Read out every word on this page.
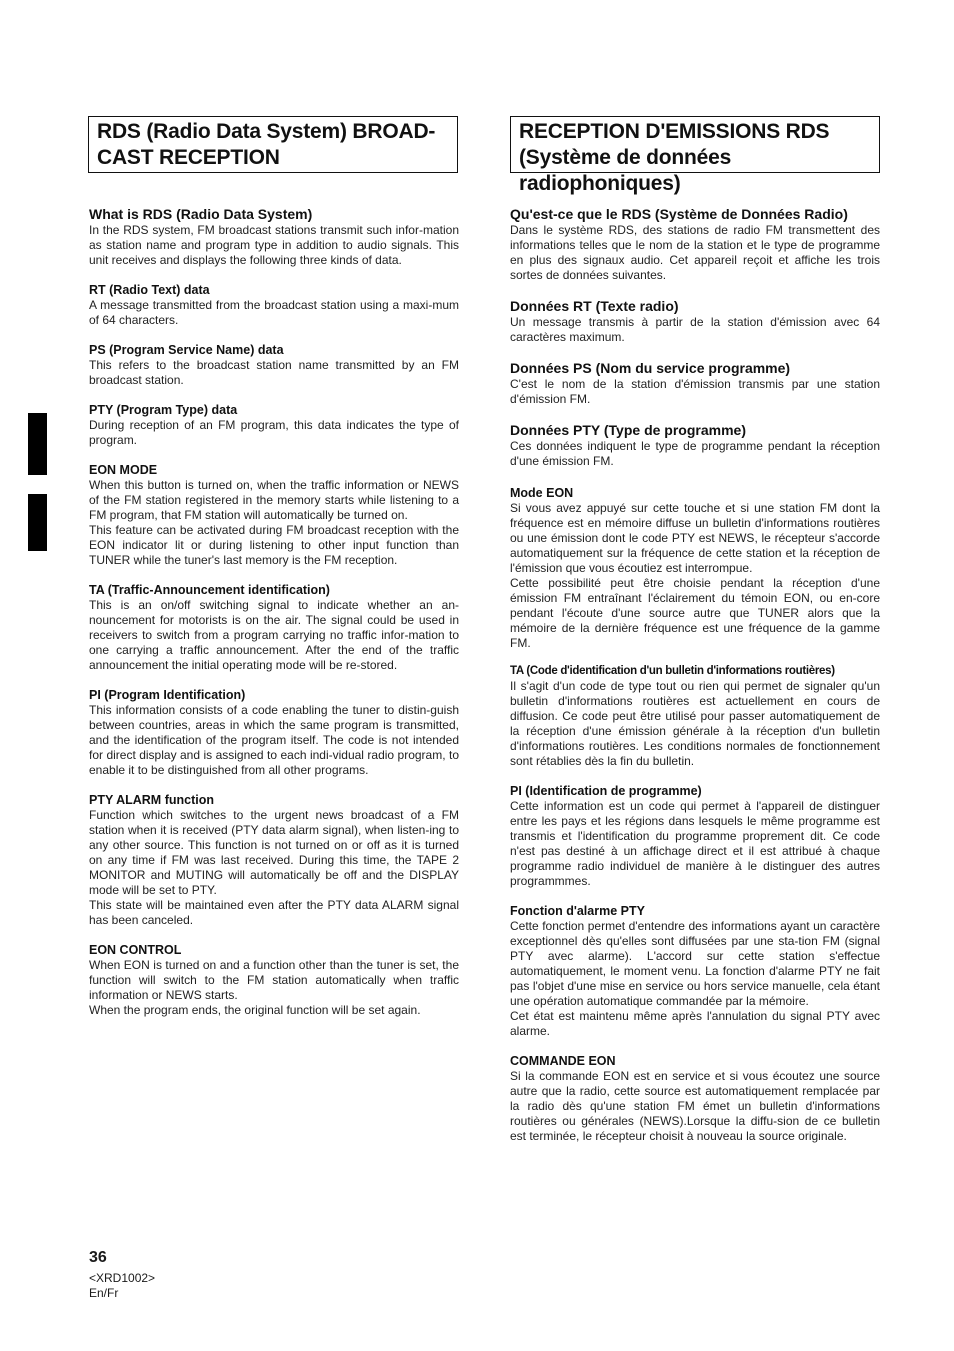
RDS (Radio Data System) BROAD-
CAST RECEPTION
RECEPTION D'EMISSIONS RDS
(Système de données radiophoniques)
What is RDS (Radio Data System)
In the RDS system, FM broadcast stations transmit such infor-mation as station name and program type in addition to audio signals. This unit receives and displays the following three kinds of data.
RT (Radio Text) data
A message transmitted from the broadcast station using a maxi-mum of 64 characters.
PS (Program Service Name) data
This refers to the broadcast station name transmitted by an FM broadcast station.
PTY (Program Type) data
During reception of an FM program, this data indicates the type of program.
EON MODE
When this button is turned on, when the traffic information or NEWS of the FM station registered in the memory starts while listening to a FM program, that FM station will automatically be turned on.
This feature can be activated during FM broadcast reception with the EON indicator lit or during listening to other input function than TUNER while the tuner's last memory is the FM reception.
TA (Traffic-Announcement identification)
This is an on/off switching signal to indicate whether an an-nouncement for motorists is on the air. The signal could be used in receivers to switch from a program carrying no traffic infor-mation to one carrying a traffic announcement. After the end of the traffic announcement the initial operating mode will be re-stored.
PI (Program Identification)
This information consists of a code enabling the tuner to distin-guish between countries, areas in which the same program is transmitted, and the identification of the program itself. The code is not intended for direct display and is assigned to each indi-vidual radio program, to enable it to be distinguished from all other programs.
PTY ALARM function
Function which switches to the urgent news broadcast of a FM station when it is received (PTY data alarm signal), when listen-ing to any other source. This function is not turned on or off as it is turned on any time if FM was last received. During this time, the TAPE 2 MONITOR and MUTING will automatically be off and the DISPLAY mode will be set to PTY.
This state will be maintained even after the PTY data ALARM signal has been canceled.
EON CONTROL
When EON is turned on and a function other than the tuner is set, the function will switch to the FM station automatically when traffic information or NEWS starts.
When the program ends, the original function will be set again.
Qu'est-ce que le RDS (Système de Données Radio)
Dans le système RDS, des stations de radio FM transmettent des informations telles que le nom de la station et le type de programme en plus des signaux audio. Cet appareil reçoit et affiche les trois sortes de données suivantes.
Données RT (Texte radio)
Un message transmis à partir de la station d'émission avec 64 caractères maximum.
Données PS (Nom du service programme)
C'est le nom de la station d'émission transmis par une station d'émission FM.
Données PTY (Type de programme)
Ces données indiquent le type de programme pendant la réception d'une émission FM.
Mode EON
Si vous avez appuyé sur cette touche et si une station FM dont la fréquence est en mémoire diffuse un bulletin d'informations routières ou une émission dont le code PTY est NEWS, le récepteur s'accorde automatiquement sur la fréquence de cette station et la réception de l'émission que vous écoutiez est interrompue.
Cette possibilité peut être choisie pendant la réception d'une émission FM entraînant l'éclairement du témoin EON, ou en-core pendant l'écoute d'une source autre que TUNER alors que la mémoire de la dernière fréquence est une fréquence de la gamme FM.
TA (Code d'identification d'un bulletin d'informations routières)
Il s'agit d'un code de type tout ou rien qui permet de signaler qu'un bulletin d'informations routières est actuellement en cours de diffusion. Ce code peut être utilisé pour passer automatiquement de la réception d'une émission générale à la réception d'un bulletin d'informations routières. Les conditions normales de fonctionnement sont rétablies dès la fin du bulletin.
PI (Identification de programme)
Cette information est un code qui permet à l'appareil de distinguer entre les pays et les régions dans lesquels le même programme est transmis et l'identification du programme proprement dit. Ce code n'est pas destiné à un affichage direct et il est attribué à chaque programme radio individuel de manière à le distinguer des autres programmmes.
Fonction d'alarme PTY
Cette fonction permet d'entendre des informations ayant un caractère exceptionnel dès qu'elles sont diffusées par une sta-tion FM (signal PTY avec alarme). L'accord sur cette station s'effectue automatiquement, le moment venu. La fonction d'alarme PTY ne fait pas l'objet d'une mise en service ou hors service manuelle, cela étant une opération automatique commandée par la mémoire.
Cet état est maintenu même après l'annulation du signal PTY avec alarme.
COMMANDE EON
Si la commande EON est en service et si vous écoutez une source autre que la radio, cette source est automatiquement remplacée par la radio dès qu'une station FM émet un bulletin d'informations routières ou générales (NEWS).Lorsque la diffu-sion de ce bulletin est terminée, le récepteur choisit à nouveau la source originale.
36
<XRD1002>
En/Fr
